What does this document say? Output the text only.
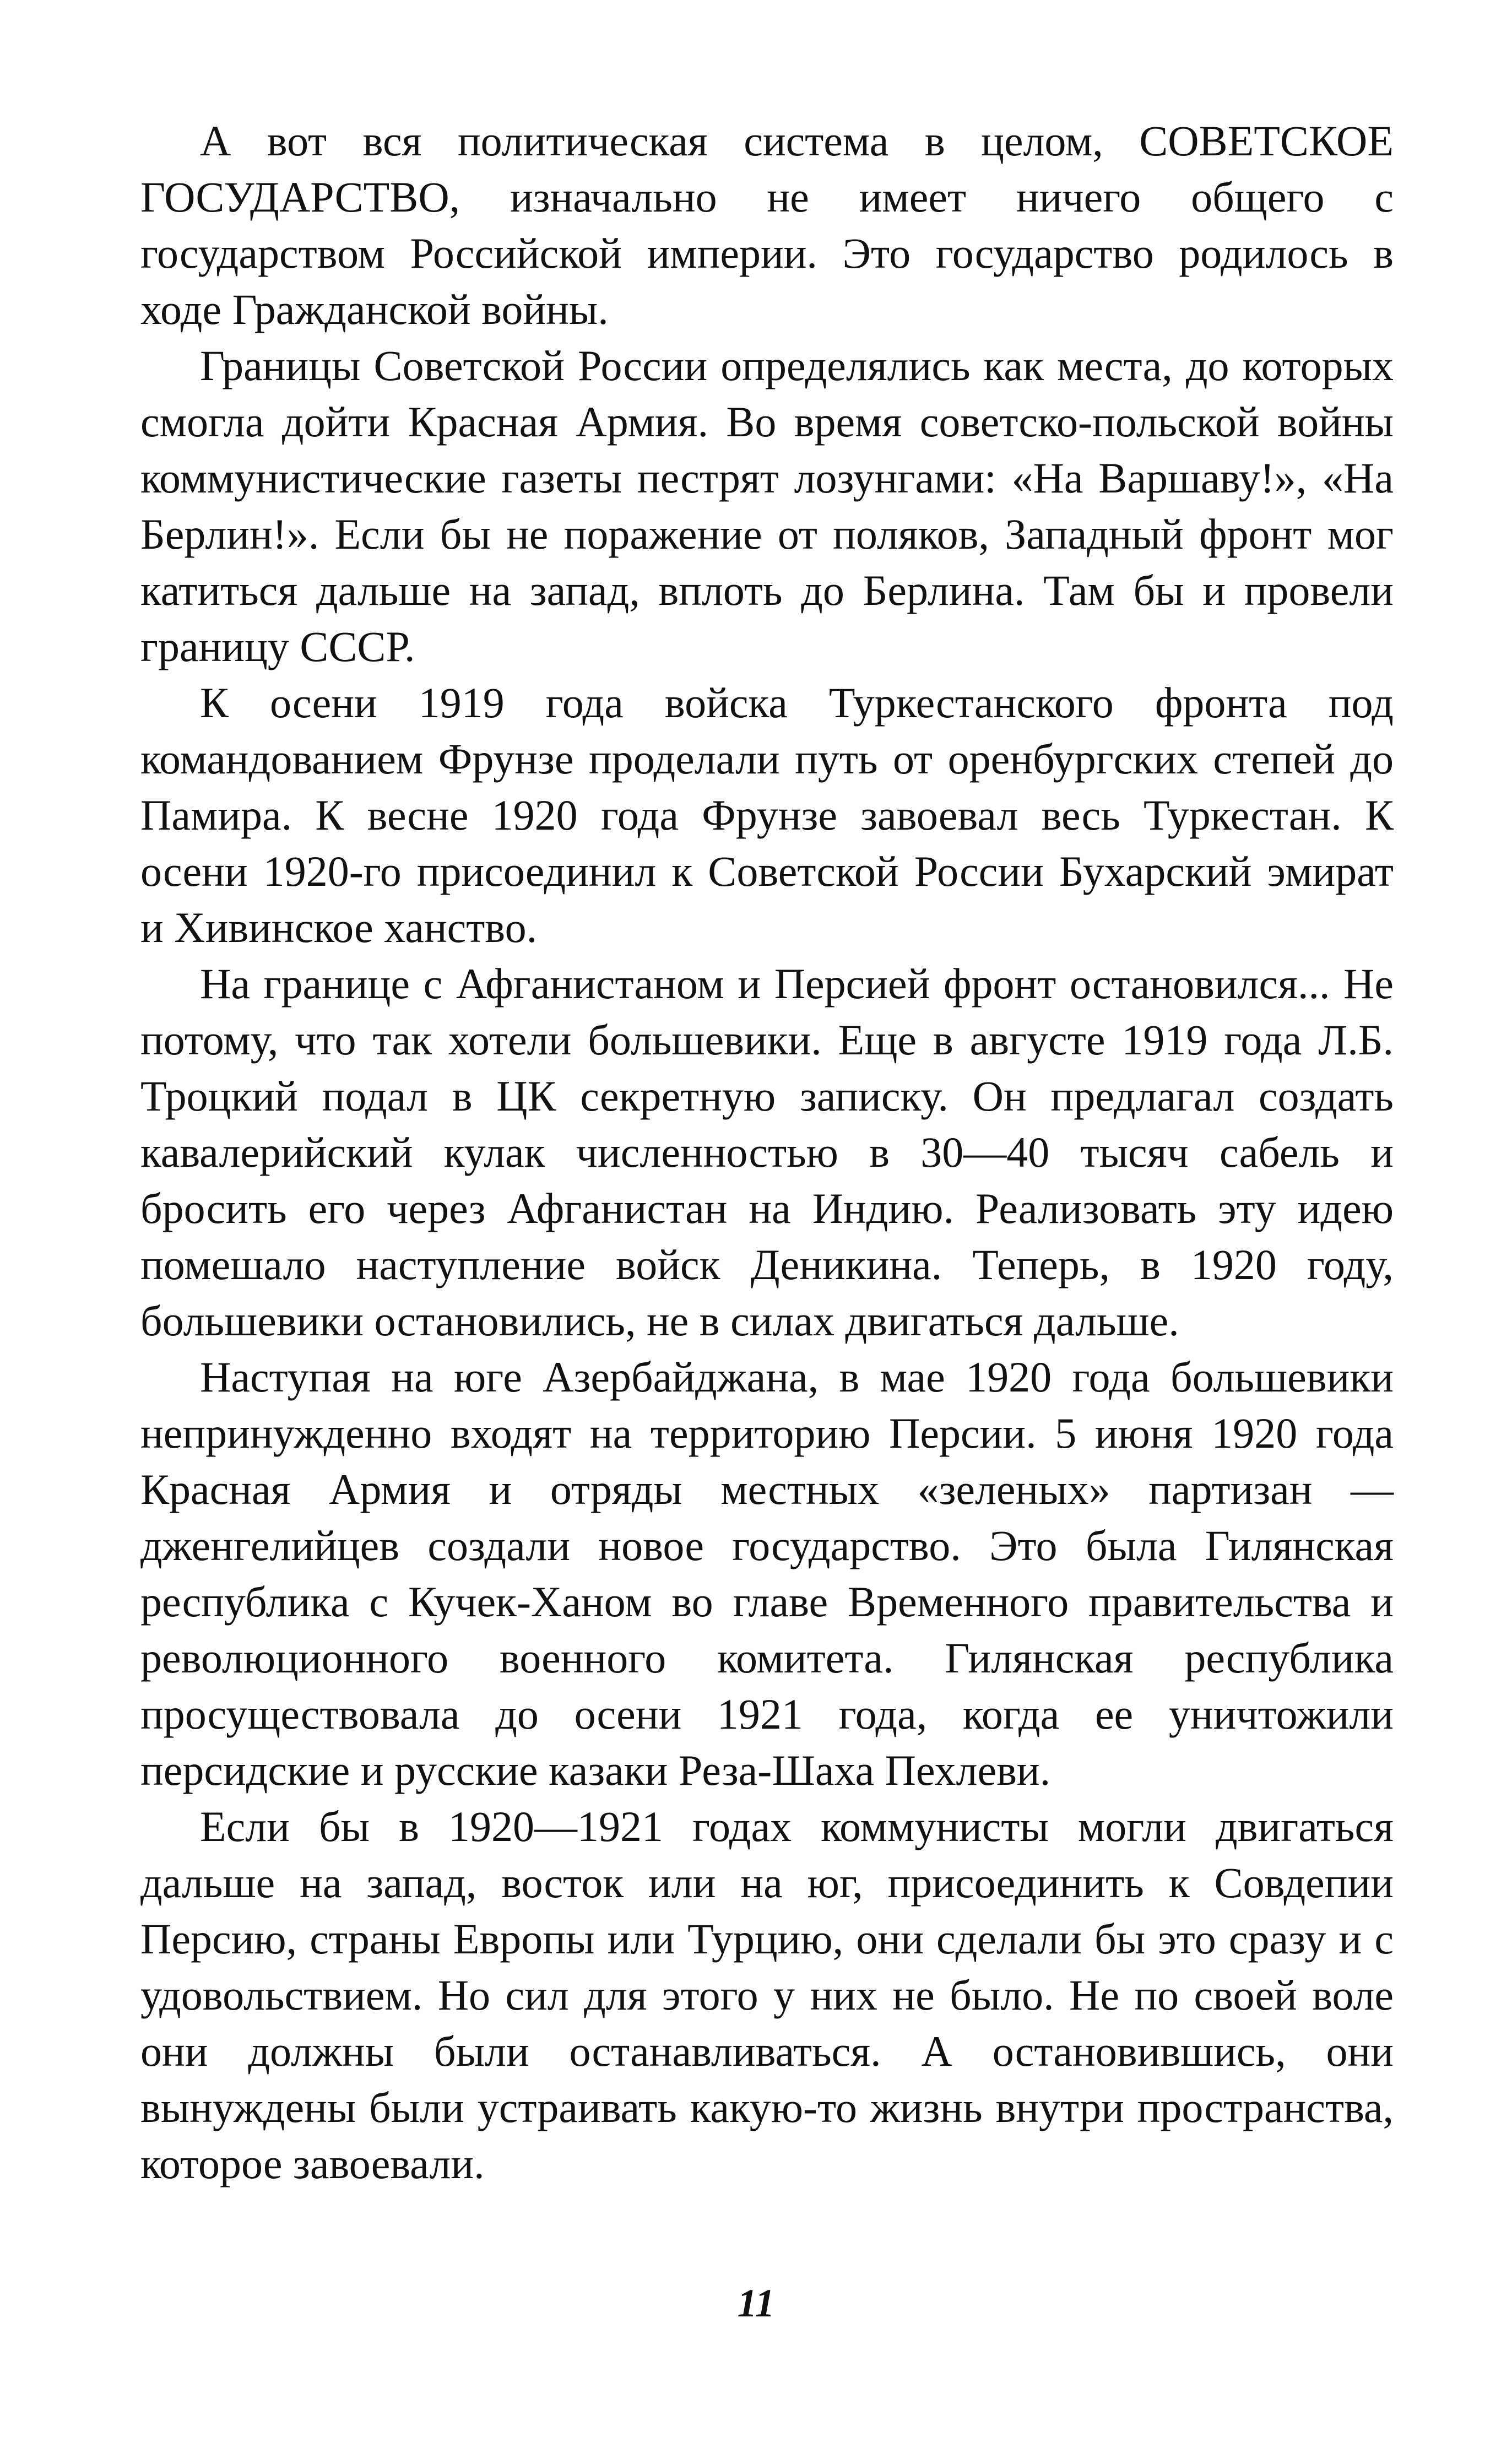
А вот вся политическая система в целом, СОВЕТСКОЕ ГОСУДАРСТВО, изначально не имеет ничего общего с государством Российской империи. Это государство родилось в ходе Гражданской войны.

Границы Советской России определялись как места, до которых смогла дойти Красная Армия. Во время советско-польской войны коммунистические газеты пестрят лозунгами: «На Варшаву!», «На Берлин!». Если бы не поражение от поляков, Западный фронт мог катиться дальше на запад, вплоть до Берлина. Там бы и провели границу СССР.

К осени 1919 года войска Туркестанского фронта под командованием Фрунзе проделали путь от оренбургских степей до Памира. К весне 1920 года Фрунзе завоевал весь Туркестан. К осени 1920-го присоединил к Советской России Бухарский эмират и Хивинское ханство.

На границе с Афганистаном и Персией фронт остановился... Не потому, что так хотели большевики. Еще в августе 1919 года Л.Б. Троцкий подал в ЦК секретную записку. Он предлагал создать кавалерийский кулак численностью в 30—40 тысяч сабель и бросить его через Афганистан на Индию. Реализовать эту идею помешало наступление войск Деникина. Теперь, в 1920 году, большевики остановились, не в силах двигаться дальше.

Наступая на юге Азербайджана, в мае 1920 года большевики непринужденно входят на территорию Персии. 5 июня 1920 года Красная Армия и отряды местных «зеленых» партизан — дженгелийцев создали новое государство. Это была Гилянская республика с Кучек-Ханом во главе Временного правительства и революционного военного комитета. Гилянская республика просуществовала до осени 1921 года, когда ее уничтожили персидские и русские казаки Реза-Шаха Пехлеви.

Если бы в 1920—1921 годах коммунисты могли двигаться дальше на запад, восток или на юг, присоединить к Совдепии Персию, страны Европы или Турцию, они сделали бы это сразу и с удовольствием. Но сил для этого у них не было. Не по своей воле они должны были останавливаться. А остановившись, они вынуждены были устраивать какую-то жизнь внутри пространства, которое завоевали.

11
